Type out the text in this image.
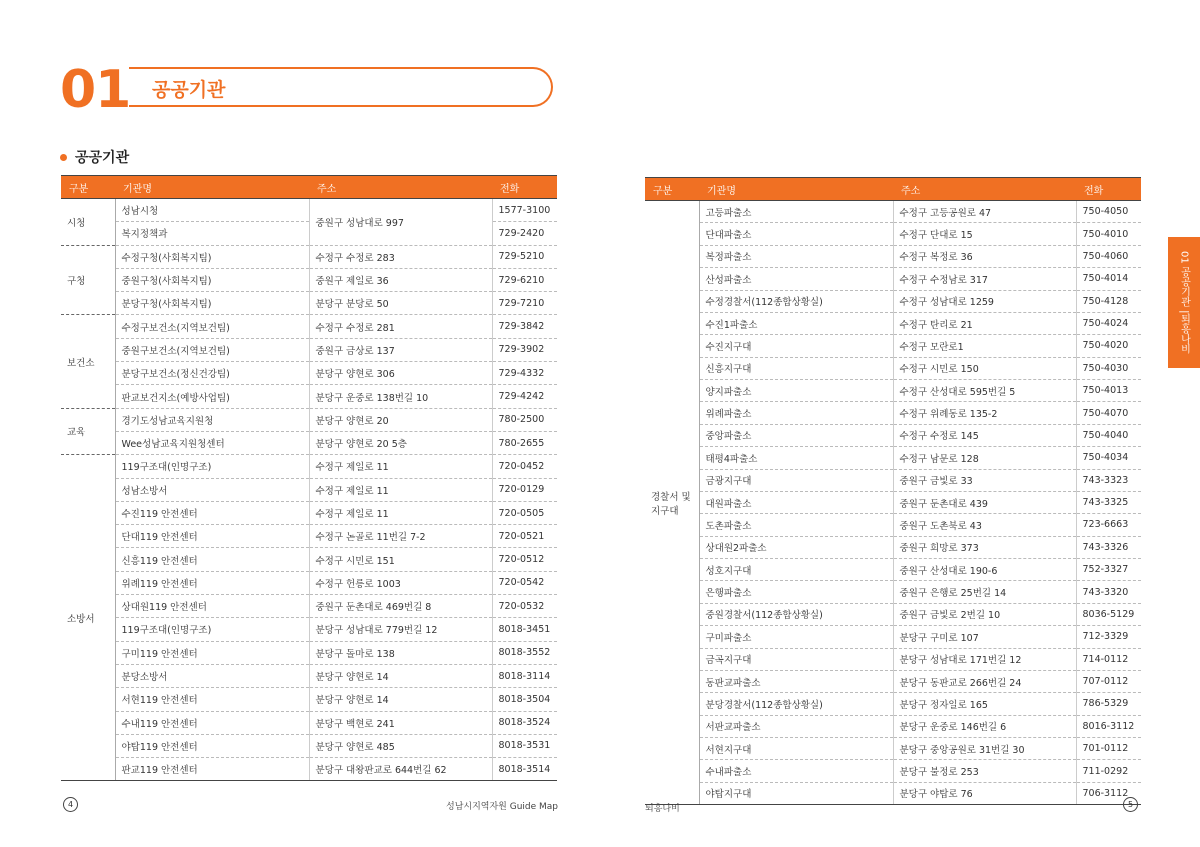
01 공공기관
공공기관
구분	기관명	주소	전화
시청	성남시청	중원구 성남대로 997	1577-3100
	복지정책과		729-2420
구청	수정구청(사회복지팀)	수정구 수정로 283	729-5210
	중원구청(사회복지팀)	중원구 제일로 36	729-6210
	분당구청(사회복지팀)	분당구 분당로 50	729-7210
보건소	수정구보건소(지역보건팀)	수정구 수정로 281	729-3842
	중원구보건소(지역보건팀)	중원구 금상로 137	729-3902
	분당구보건소(정신건강팀)	분당구 양현로 306	729-4332
	판교보건지소(예방사업팀)	분당구 운중로 138번길 10	729-4242
교육	경기도성남교육지원청	분당구 양현로 20	780-2500
	Wee성남교육지원청센터	분당구 양현로 20 5층	780-2655
소방서	119구조대(인명구조)	수정구 제일로 11	720-0452
	성남소방서	수정구 제일로 11	720-0129
	수진119 안전센터	수정구 제일로 11	720-0505
	단대119 안전센터	수정구 논골로 11번길 7-2	720-0521
	신흥119 안전센터	수정구 시민로 151	720-0512
	위례119 안전센터	수정구 헌릉로 1003	720-0542
	상대원119 안전센터	중원구 둔촌대로 469번길 8	720-0532
	119구조대(인명구조)	분당구 성남대로 779번길 12	8018-3451
	구미119 안전센터	분당구 돌마로 138	8018-3552
	분당소방서	분당구 양현로 14	8018-3114
	서현119 안전센터	분당구 양현로 14	8018-3504
	수내119 안전센터	분당구 백현로 241	8018-3524
	야탑119 안전센터	분당구 양현로 485	8018-3531
	판교119 안전센터	분당구 대왕판교로 644번길 62	8018-3514
구분	기관명	주소	전화

경찰서 및
지구대	고등파출소	수정구 고등공원로 47	750-4050
	단대파출소	수정구 단대로 15	750-4010
	복정파출소	수정구 복정로 36	750-4060
	산성파출소	수정구 수정남로 317	750-4014
	수정경찰서(112종합상황실)	수정구 성남대로 1259	750-4128
	수진1파출소	수정구 탄리로 21	750-4024
	수진지구대	수정구 모란로1	750-4020
	신흥지구대	수정구 시민로 150	750-4030
	양지파출소	수정구 산성대로 595번길 5	750-4013
	위례파출소	수정구 위례동로 135-2	750-4070
	중앙파출소	수정구 수정로 145	750-4040
	태평4파출소	수정구 남문로 128	750-4034
	금광지구대	중원구 금빛로 33	743-3323
	대원파출소	중원구 둔촌대로 439	743-3325
	도촌파출소	중원구 도촌북로 43	723-6663
	상대원2파출소	중원구 희망로 373	743-3326
	성호지구대	중원구 산성대로 190-6	752-3327
	은행파출소	중원구 은행로 25번길 14	743-3320
	중원경찰서(112종합상황실)	중원구 금빛로 2번길 10	8036-5129
	구미파출소	분당구 구미로 107	712-3329
	금곡지구대	분당구 성남대로 171번길 12	714-0112
	동판교파출소	분당구 동판교로 266번길 24	707-0112
	분당경찰서(112종합상황실)	분당구 정자일로 165	786-5329
	서판교파출소	분당구 운중로 146번길 6	8016-3112
	서현지구대	분당구 중앙공원로 31번길 30	701-0112
	수내파출소	분당구 불정로 253	711-0292
	야탑지구대	분당구 야탑로 76	706-3112
01 공공기관 |퇴흥나비
4	성남시지역자원 Guide Map	퇴흥나비	5
